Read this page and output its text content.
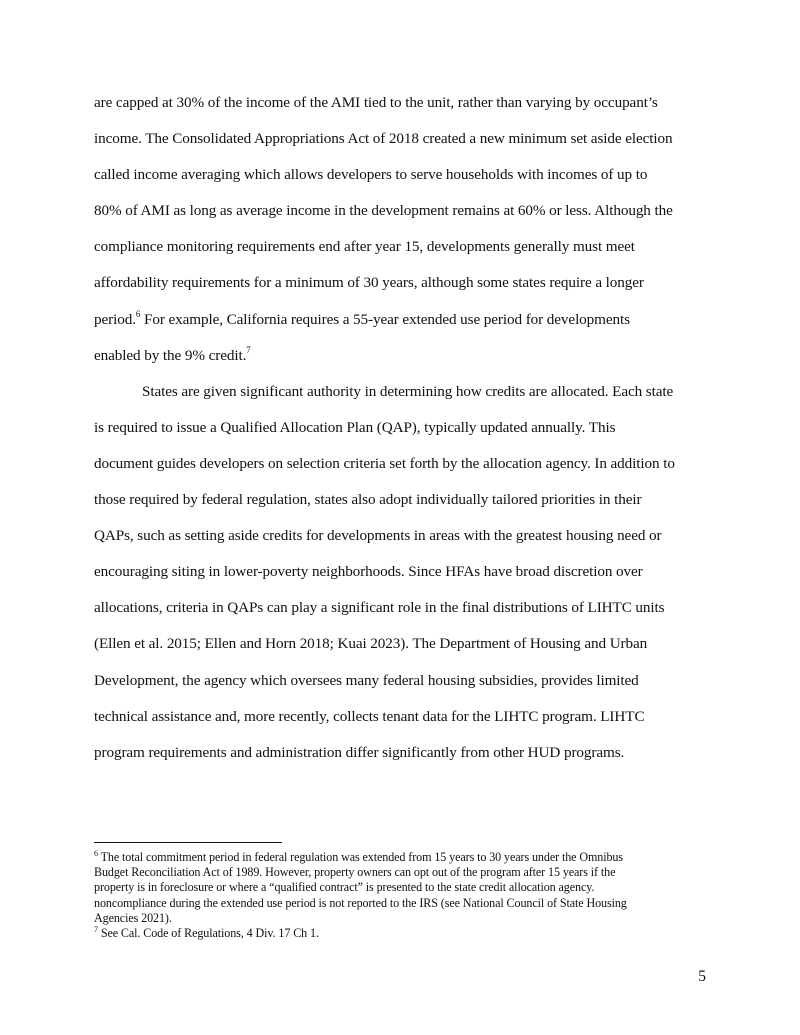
are capped at 30% of the income of the AMI tied to the unit, rather than varying by occupant’s

income. The Consolidated Appropriations Act of 2018 created a new minimum set aside election

called income averaging which allows developers to serve households with incomes of up to

80% of AMI as long as average income in the development remains at 60% or less. Although the

compliance monitoring requirements end after year 15, developments generally must meet

affordability requirements for a minimum of 30 years, although some states require a longer

period.$^6$ For example, California requires a 55-year extended use period for developments

enabled by the 9% credit.$^7$

States are given significant authority in determining how credits are allocated. Each state

is required to issue a Qualified Allocation Plan (QAP), typically updated annually. This

document guides developers on selection criteria set forth by the allocation agency. In addition to

those required by federal regulation, states also adopt individually tailored priorities in their

QAPs, such as setting aside credits for developments in areas with the greatest housing need or

encouraging siting in lower-poverty neighborhoods. Since HFAs have broad discretion over

allocations, criteria in QAPs can play a significant role in the final distributions of LIHTC units

(Ellen et al. 2015; Ellen and Horn 2018; Kuai 2023). The Department of Housing and Urban

Development, the agency which oversees many federal housing subsidies, provides limited

technical assistance and, more recently, collects tenant data for the LIHTC program. LIHTC

program requirements and administration differ significantly from other HUD programs.

$^6$ The total commitment period in federal regulation was extended from 15 years to 30 years under the Omnibus

Budget Reconciliation Act of 1989. However, property owners can opt out of the program after 15 years if the

property is in foreclosure or where a “qualified contract” is presented to the state credit allocation agency.

noncompliance during the extended use period is not reported to the IRS (see National Council of State Housing

Agencies 2021).

$^7$ See Cal. Code of Regulations, 4 Div. 17 Ch 1.

5
